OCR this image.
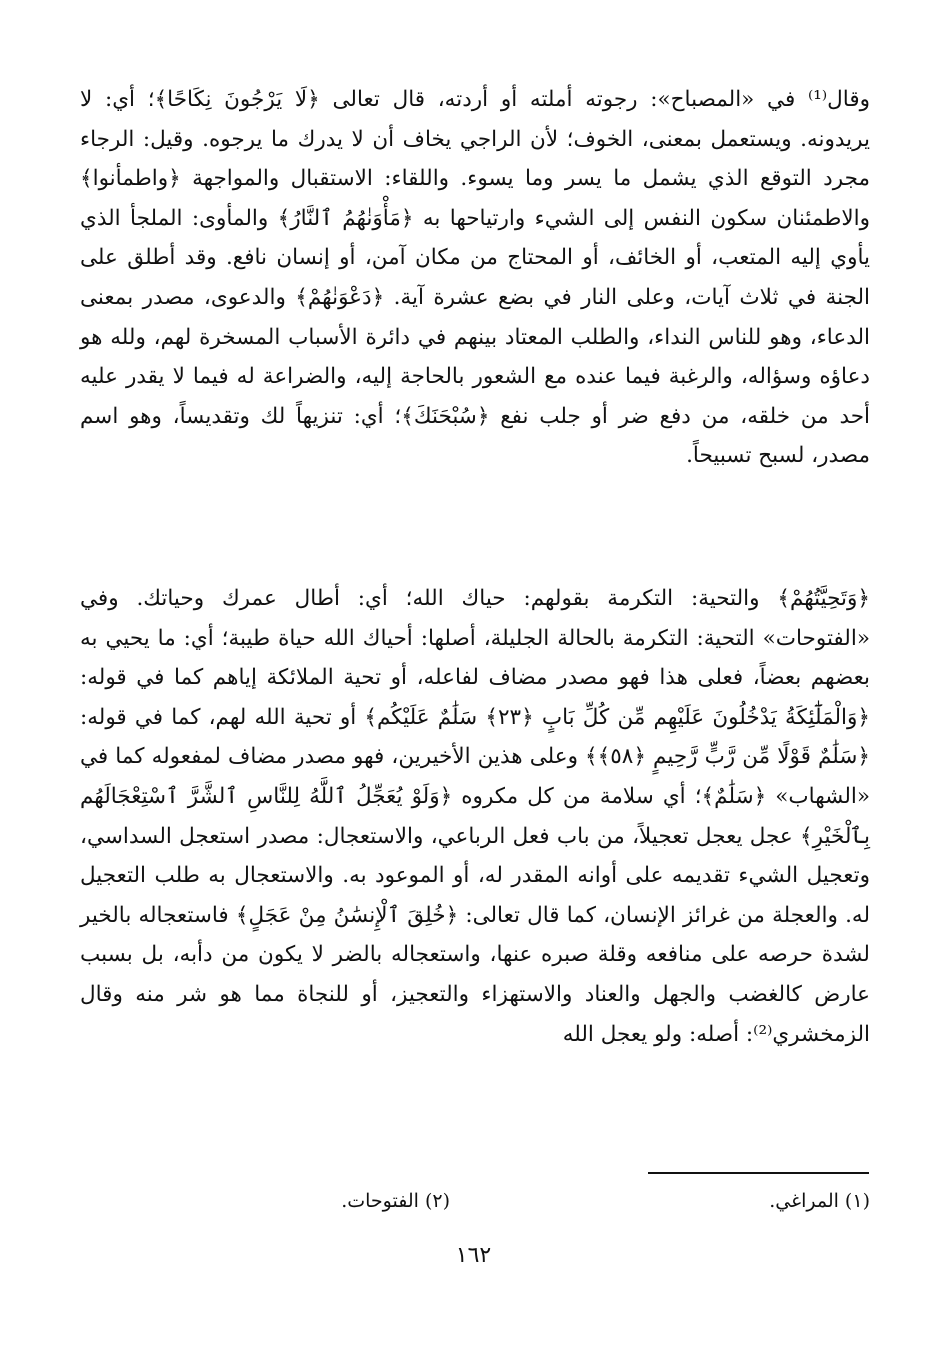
وقال⁽¹⁾ في «المصباح»: رجوته أملته أو أردته، قال تعالى ﴿لَا يَرْجُونَ نِكَاحًا﴾؛ أي: لا يريدونه. ويستعمل بمعنى، الخوف؛ لأن الراجي يخاف أن لا يدرك ما يرجوه. وقيل: الرجاء مجرد التوقع الذي يشمل ما يسر وما يسوء. واللقاء: الاستقبال والمواجهة ﴿واطمأنوا﴾ والاطمئنان سكون النفس إلى الشيء وارتياحها به ﴿مَأْوَنٰهُمُ ٱلنَّارُ﴾ والمأوى: الملجأ الذي يأوي إليه المتعب، أو الخائف، أو المحتاج من مكان آمن، أو إنسان نافع. وقد أطلق على الجنة في ثلاث آيات، وعلى النار في بضع عشرة آية. ﴿دَعْوَنٰهُمْ﴾ والدعوى، مصدر بمعنى الدعاء، وهو للناس النداء، والطلب المعتاد بينهم في دائرة الأسباب المسخرة لهم، ولله هو دعاؤه وسؤاله، والرغبة فيما عنده مع الشعور بالحاجة إليه، والضراعة له فيما لا يقدر عليه أحد من خلقه، من دفع ضر أو جلب نفع ﴿سُبْحَنَكَ﴾؛ أي: تنزيهاً لك وتقديساً، وهو اسم مصدر، لسبح تسبيحاً.

﴿وَتَحِيَّتُهُمْ﴾ والتحية: التكرمة بقولهم: حياك الله؛ أي: أطال عمرك وحياتك. وفي «الفتوحات» التحية: التكرمة بالحالة الجليلة، أصلها: أحياك الله حياة طيبة؛ أي: ما يحيي به بعضهم بعضاً، فعلى هذا فهو مصدر مضاف لفاعله، أو تحية الملائكة إياهم كما في قوله: ﴿وَالْمَلَٰٓئِكَةُ يَدْخُلُونَ عَلَيْهِم مِّن كُلِّ بَابٍ ﴿٢٣﴾ سَلَٰمٌ عَلَيْكُم﴾ أو تحية الله لهم، كما في قوله: ﴿سَلَٰمٌ قَوْلًا مِّن رَّبٍّ رَّحِيمٍ ﴿٥٨﴾﴾ وعلى هذين الأخيرين، فهو مصدر مضاف لمفعوله كما في «الشهاب» ﴿سَلَٰمٌ﴾؛ أي سلامة من كل مكروه ﴿وَلَوْ يُعَجِّلُ ٱللَّهُ لِلنَّاسِ ٱلشَّرَّ ٱسْتِعْجَالَهُم بِٱلْخَيْرِ﴾ عجل يعجل تعجيلاً، من باب فعل الرباعي، والاستعجال: مصدر استعجل السداسي، وتعجيل الشيء تقديمه على أوانه المقدر له، أو الموعود به. والاستعجال به طلب التعجيل له. والعجلة من غرائز الإنسان، كما قال تعالى: ﴿خُلِقَ ٱلْإِنسَٰنُ مِنْ عَجَلٍ﴾ فاستعجاله بالخير لشدة حرصه على منافعه وقلة صبره عنها، واستعجاله بالضر لا يكون من دأبه، بل بسبب عارض كالغضب والجهل والعناد والاستهزاء والتعجيز، أو للنجاة مما هو شر منه وقال الزمخشري⁽²⁾: أصله: ولو يعجل الله

(١) المراغي.
(٢) الفتوحات.
١٦٢
